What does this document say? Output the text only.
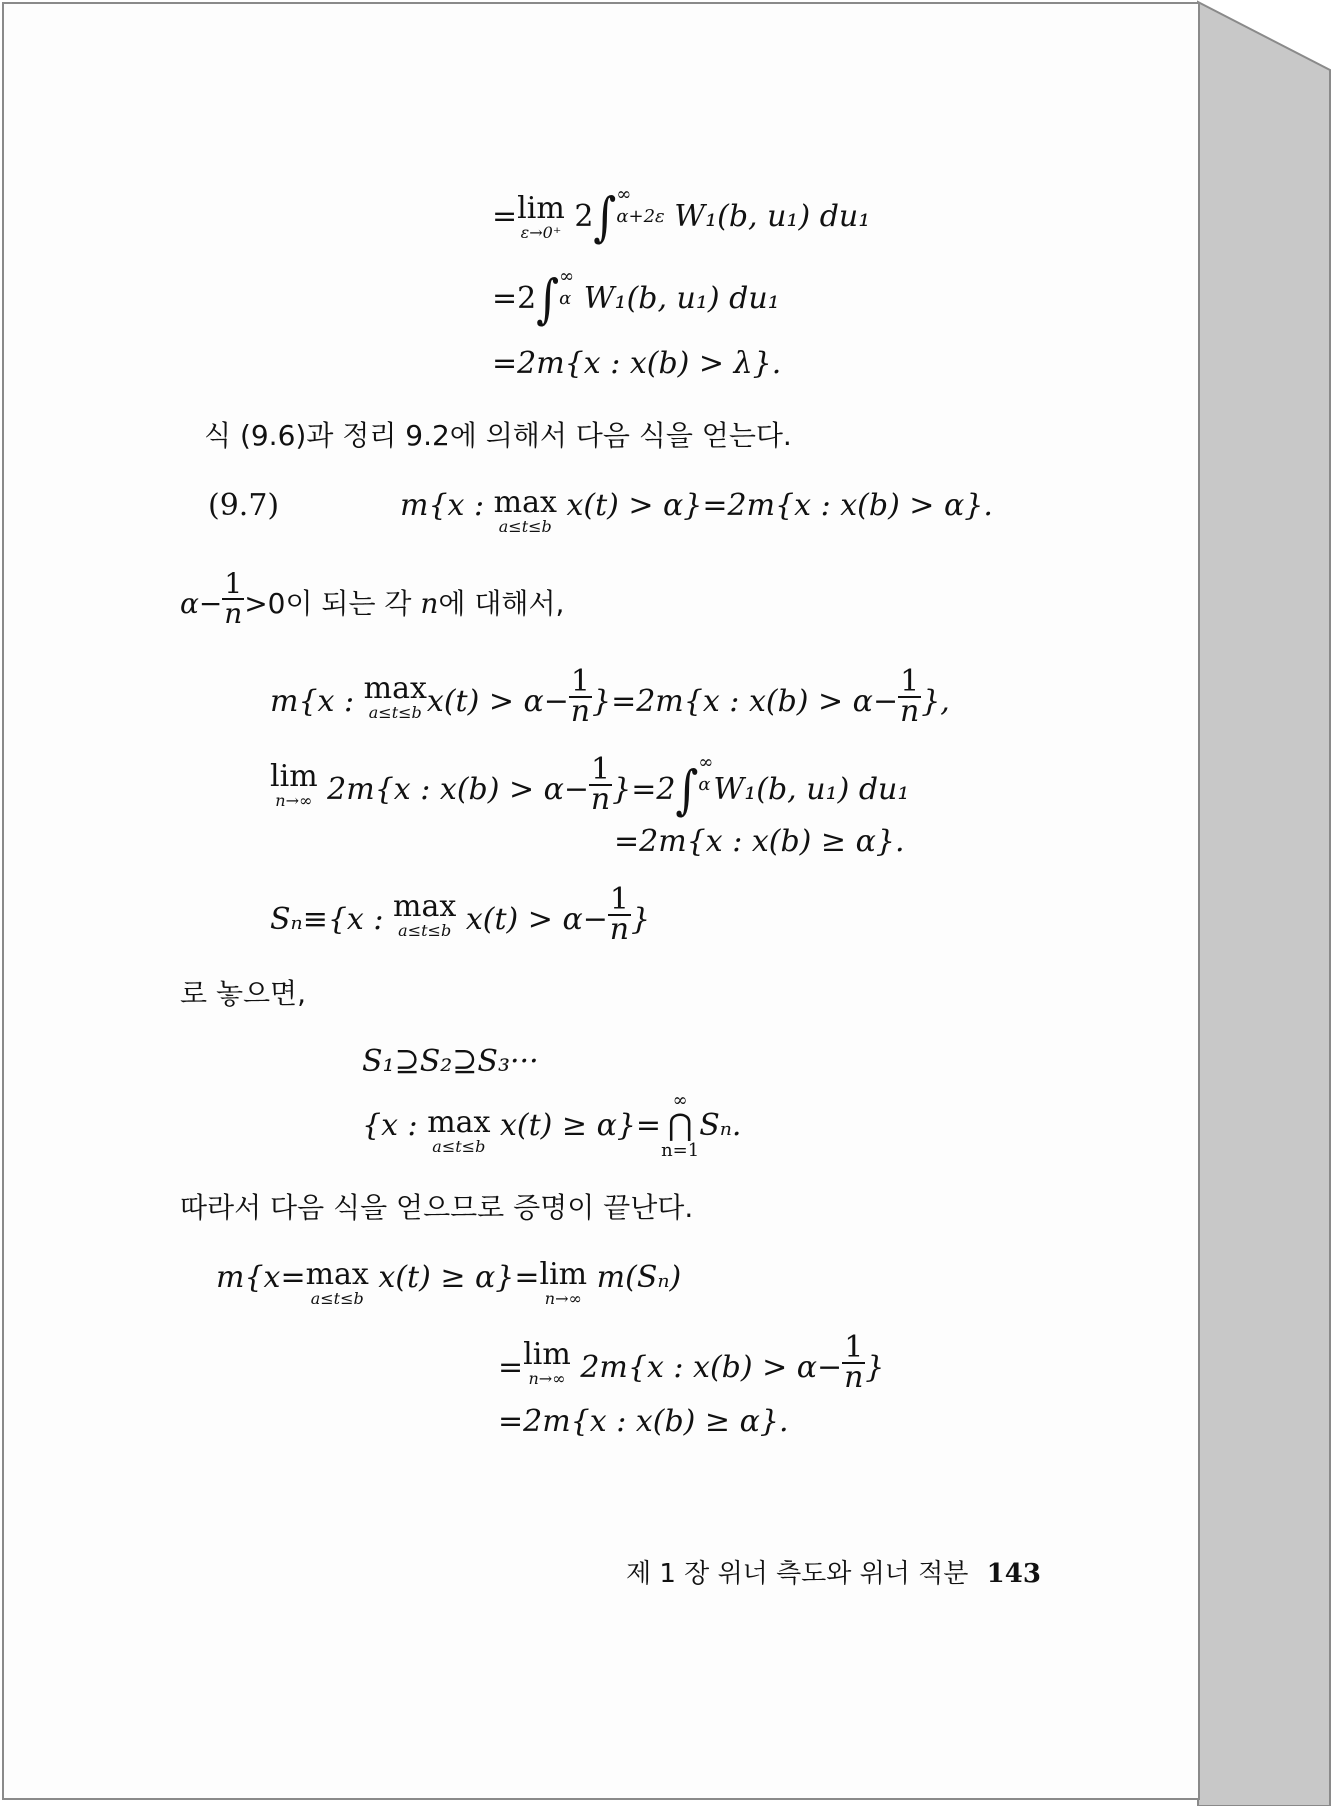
=lim
ε→0⁺ 2∫ ∞
α+2ε W₁(b, u₁) du₁
=2∫ ∞
α W₁(b, u₁) du₁
=2m{x : x(b) > λ}.
식 (9.6)과 정리 9.2에 의해서 다음 식을 얻는다.
(9.7)	m{x : max
a≤t≤b
x(t) > α}=2m{x : x(b) > α}.
$\alpha- \frac{1}{n} >0$이 되는 각 n에 대해서,
m{x : max
a≤t≤b $x(t) > \alpha- \frac{1}{n} \}=2m\{x$ : $x(b) > \alpha- \frac{1}{n}$ },
lim
n→∞ 2m{x : $x(b) > \alpha- \frac{1}{n} \}=2\int$ ∞
α W₁(b, u₁) du₁
=2m{x : x(b) ≥ α}.
Sₙ≡{x : max
a≤t≤b $x(t) > \alpha- \frac{1}{n}$ }
로 놓으면,
S₁⊇S₂⊇S₃···
{x : max
a≤t≤b
x(t) ≥ α}=∞
⋂
n=1Sₙ.
따라서 다음 식을 얻으므로 증명이 끝난다.
m{x=max
a≤t≤b
x(t) ≥ α}=lim
n→∞
m(Sₙ)
=lim
n→∞ 2m{x : $x(b) > \alpha- \frac{1}{n}$ }
=2m{x : x(b) ≥ α}.
제 1 장 위너 측도와 위너 적분 143
